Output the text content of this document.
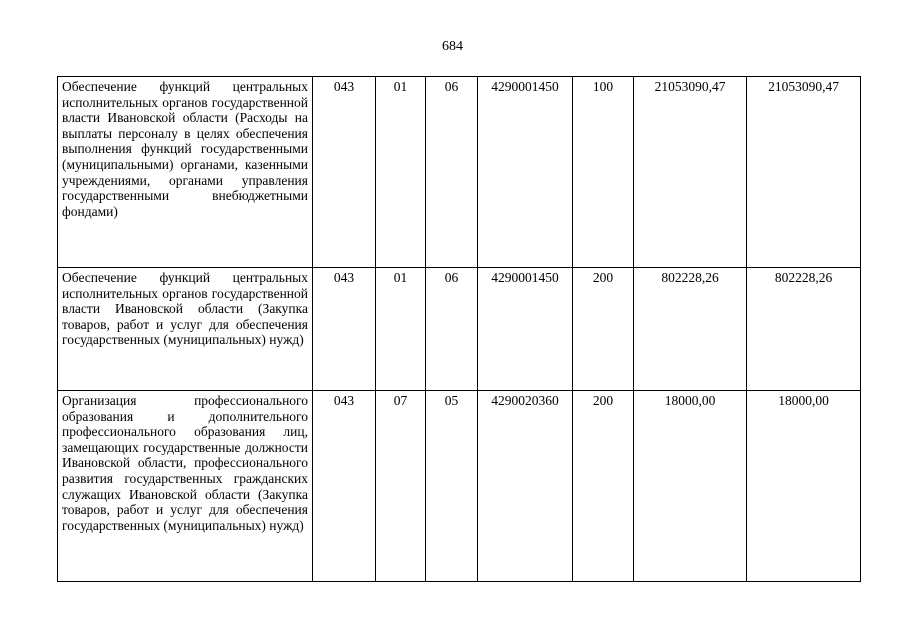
684
Обеспечение функций центральных исполнительных органов государственной власти Ивановской области (Расходы на выплаты персоналу в целях обеспечения выполнения функций государственными (муниципальными) органами, казенными учреждениями, органами управления государственными внебюджетными фондами)	043	01	06	4290001450	100	21053090,47	21053090,47
Обеспечение функций центральных исполнительных органов государственной власти Ивановской области (Закупка товаров, работ и услуг для обеспечения государственных (муниципальных) нужд)	043	01	06	4290001450	200	802228,26	802228,26
Организация профессионального образования и дополнительного профессионального образования лиц, замещающих государственные должности Ивановской области, профессионального развития государственных гражданских служащих Ивановской области (Закупка товаров, работ и услуг для обеспечения государственных (муниципальных) нужд)	043	07	05	4290020360	200	18000,00	18000,00
